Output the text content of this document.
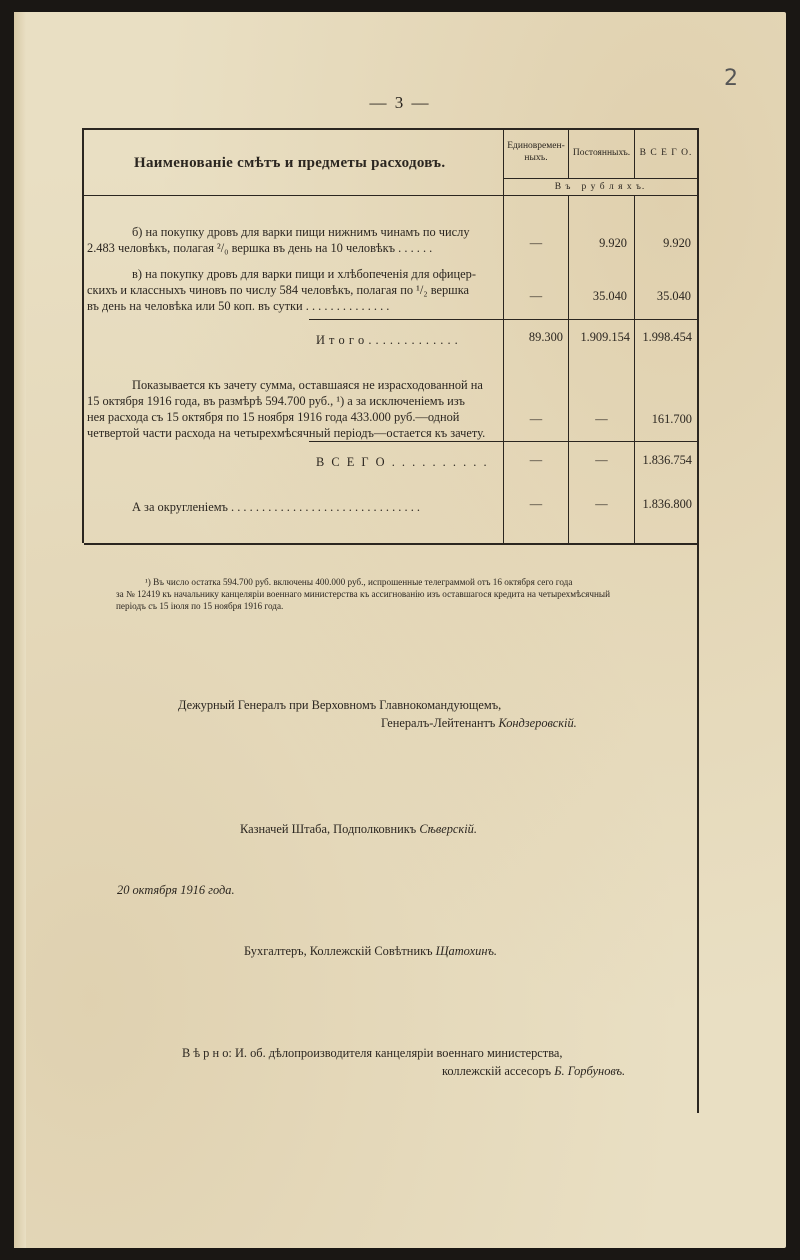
— 3 —
2
Наименованіе смѣтъ и предметы расходовъ.
Единовремен-
ныхъ.	Постоянныхъ.	В С Е Г О.
В ъ   р у б л я х ъ.
б) на покупку дровъ для варки пищи нижнимъ чинамъ по числу
2.483 человѣкъ, полагая ²/₀ вершка въ день на 10 человѣкъ . . . . . .	—	9.920	9.920
в) на покупку дровъ для варки пищи и хлѣбопеченія для офицер-
скихъ и классныхъ чиновъ по числу 584 человѣкъ, полагая по ¹/₂ вершка
въ день на человѣка или 50 коп. въ сутки . . . . . . . . . . . . . .
—	35.040	35.040
И т о г о . . . . . . . . . . . . .	89.300	1.909.154	1.998.454
Показывается къ зачету сумма, оставшаяся не израсходованной на
15 октября 1916 года, въ размѣрѣ 594.700 руб., ¹) а за исключеніемъ изъ
нея расхода съ 15 октября по 15 ноября 1916 года 433.000 руб.—одной
четвертой части расхода на четырехмѣсячный періодъ—остается къ зачету.
—	—	161.700
В С Е Г О . . . . . . . . . .	—	—	1.836.754
А за округленіемъ . . . . . . . . . . . . . . . . . . . . . . . . . . . . . . .	—	—	1.836.800
¹) Въ число остатка 594.700 руб. включены 400.000 руб., испрошенные телеграммой отъ 16 октября сего года
за № 12419 къ начальнику канцеляріи военнаго министерства къ ассигнованію изъ оставшагося кредита на четырехмѣсячный
періодъ съ 15 іюля по 15 ноября 1916 года.
Дежурный Генералъ при Верховномъ Главнокомандующемъ,
Генералъ-Лейтенантъ Кондзеровскій.
Казначей Штаба, Подполковникъ Сѣверскій.
20 октября 1916 года.
Бухгалтеръ, Коллежскій Совѣтникъ Щатохинъ.
В ѣ р н о: И. об. дѣлопроизводителя канцеляріи военнаго министерства,
коллежскій ассесоръ Б. Горбуновъ.
